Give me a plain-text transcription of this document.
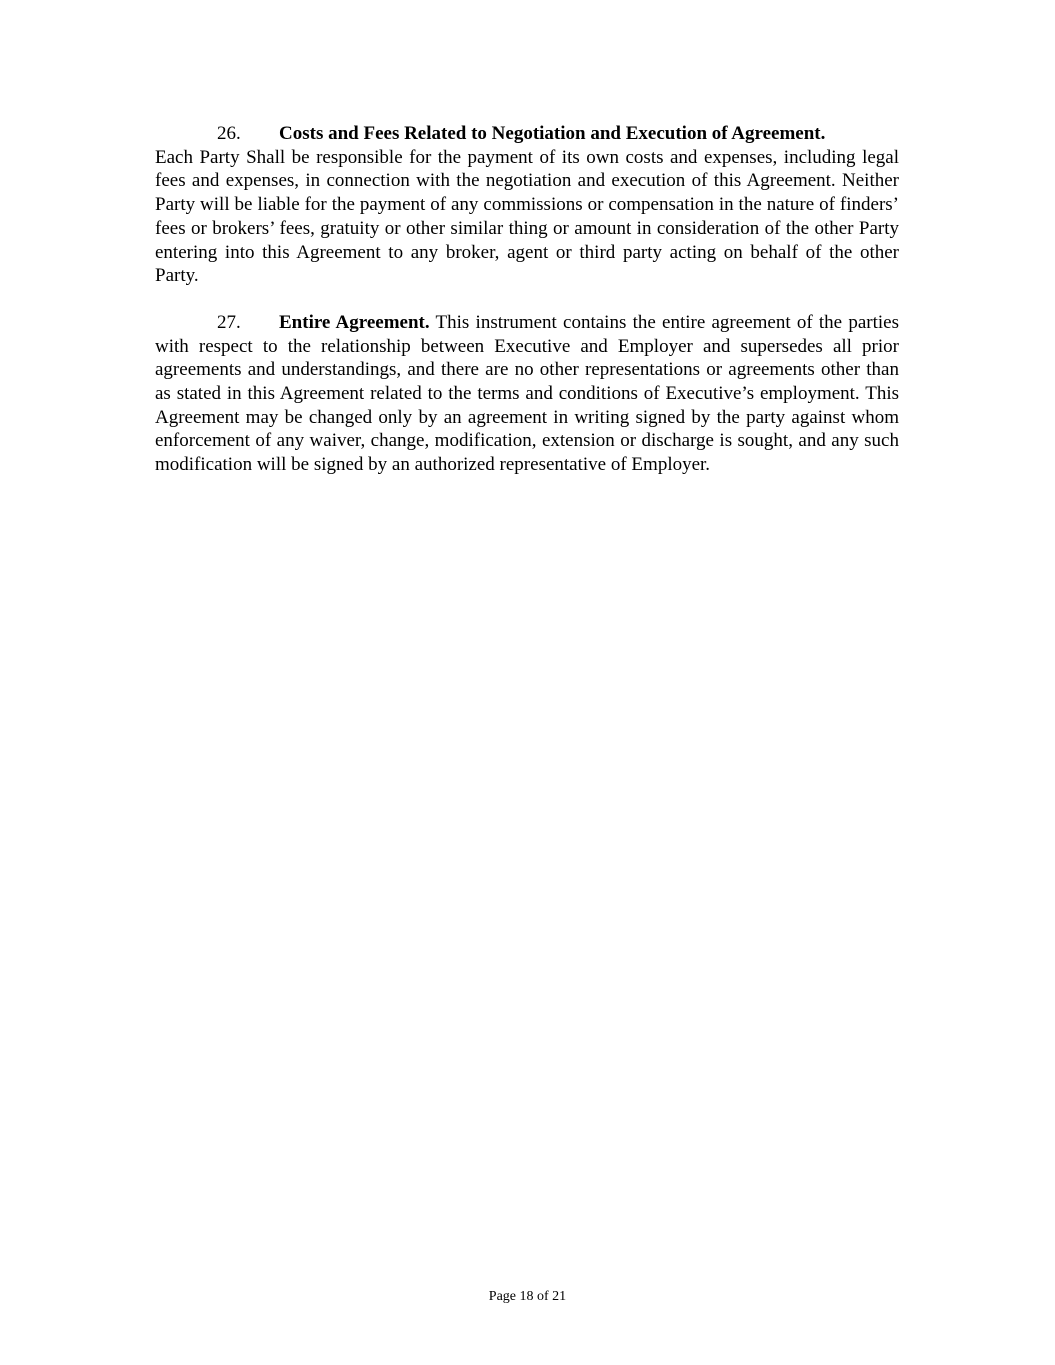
26. Costs and Fees Related to Negotiation and Execution of Agreement.
Each Party Shall be responsible for the payment of its own costs and expenses, including legal fees and expenses, in connection with the negotiation and execution of this Agreement. Neither Party will be liable for the payment of any commissions or compensation in the nature of finders’ fees or brokers’ fees, gratuity or other similar thing or amount in consideration of the other Party entering into this Agreement to any broker, agent or third party acting on behalf of the other Party.

27. Entire Agreement. This instrument contains the entire agreement of the parties with respect to the relationship between Executive and Employer and supersedes all prior agreements and understandings, and there are no other representations or agreements other than as stated in this Agreement related to the terms and conditions of Executive’s employment. This Agreement may be changed only by an agreement in writing signed by the party against whom enforcement of any waiver, change, modification, extension or discharge is sought, and any such modification will be signed by an authorized representative of Employer.

Page 18 of 21
